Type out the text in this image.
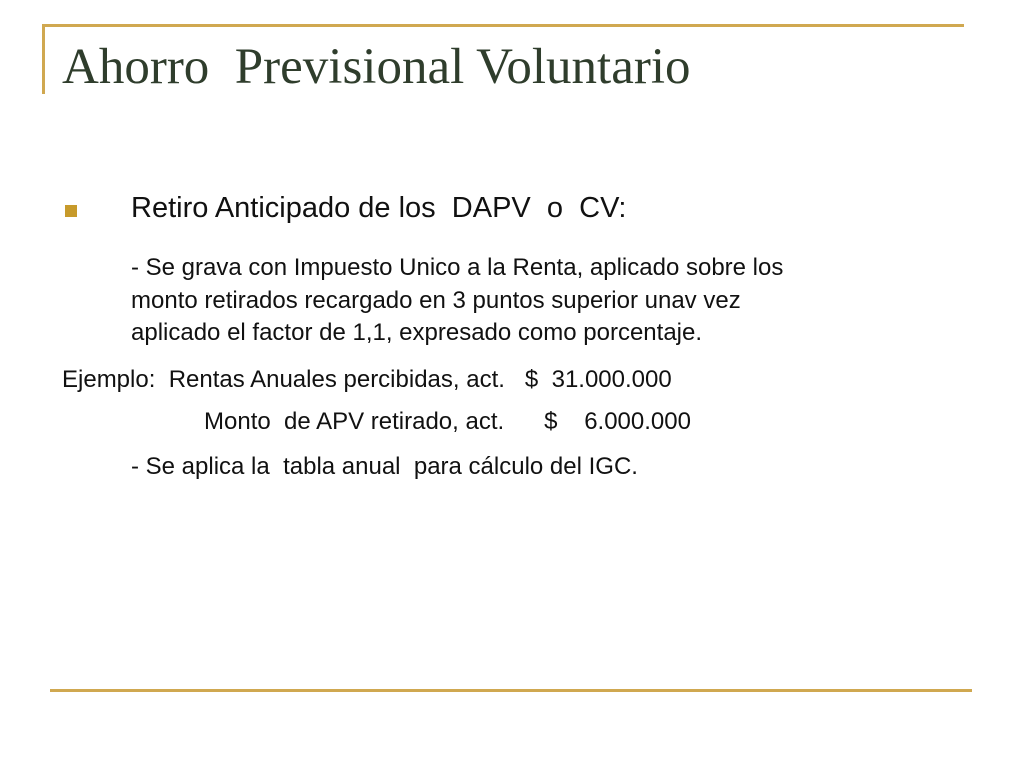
Ahorro  Previsional Voluntario

Retiro Anticipado de los  DAPV  o  CV:

- Se grava con Impuesto Unico a la Renta, aplicado sobre los
monto retirados recargado en 3 puntos superior unav vez
aplicado el factor de 1,1, expresado como porcentaje.

Ejemplo:  Rentas Anuales percibidas, act.   $  31.000.000

Monto  de APV retirado, act.      $    6.000.000

- Se aplica la  tabla anual  para cálculo del IGC.
